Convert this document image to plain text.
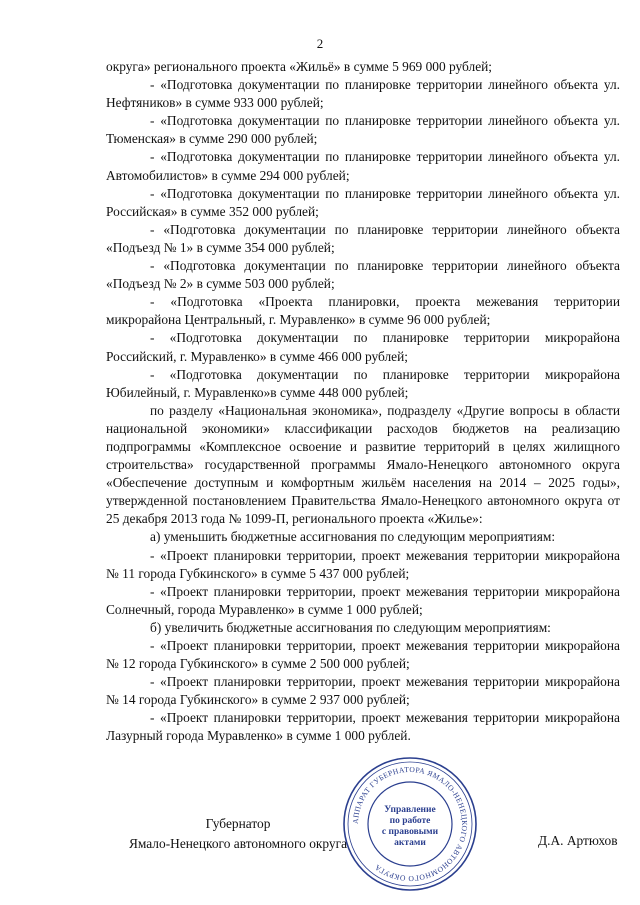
2

округа» регионального проекта «Жильё» в сумме 5 969 000 рублей;

- «Подготовка документации по планировке территории линейного объекта ул. Нефтяников» в сумме 933 000 рублей;

- «Подготовка документации по планировке территории линейного объекта ул. Тюменская» в сумме 290 000 рублей;

- «Подготовка документации по планировке территории линейного объекта ул. Автомобилистов» в сумме 294 000 рублей;

- «Подготовка документации по планировке территории линейного объекта ул. Российская» в сумме 352 000 рублей;

- «Подготовка документации по планировке территории линейного объекта «Подъезд № 1» в сумме 354 000 рублей;

- «Подготовка документации по планировке территории линейного объекта «Подъезд № 2» в сумме 503 000 рублей;

- «Подготовка «Проекта планировки, проекта межевания территории микрорайона Центральный, г. Муравленко» в сумме 96 000 рублей;

- «Подготовка документации по планировке территории микрорайона Российский, г. Муравленко» в сумме 466 000 рублей;

- «Подготовка документации по планировке территории микрорайона Юбилейный, г. Муравленко»в сумме 448 000 рублей;

по разделу «Национальная экономика», подразделу «Другие вопросы в области национальной экономики» классификации расходов бюджетов на реализацию подпрограммы «Комплексное освоение и развитие территорий в целях жилищного строительства» государственной программы Ямало-Ненецкого автономного округа «Обеспечение доступным и комфортным жильём населения на 2014 – 2025 годы», утвержденной постановлением Правительства Ямало-Ненецкого автономного округа от 25 декабря 2013 года № 1099-П, регионального проекта «Жилье»:

а) уменьшить бюджетные ассигнования по следующим мероприятиям:

- «Проект планировки территории, проект межевания территории микрорайона № 11 города Губкинского» в сумме 5 437 000 рублей;

- «Проект планировки территории, проект межевания территории микрорайона Солнечный, города Муравленко» в сумме 1 000 рублей;

б) увеличить бюджетные ассигнования по следующим мероприятиям:

- «Проект планировки территории, проект межевания территории микрорайона № 12 города Губкинского» в сумме 2 500 000 рублей;

- «Проект планировки территории, проект межевания территории микрорайона № 14 города Губкинского» в сумме 2 937 000 рублей;

- «Проект планировки территории, проект межевания территории микрорайона Лазурный города Муравленко» в сумме 1 000 рублей.

Губернатор
Ямало-Ненецкого автономного округа	Д.А. Артюхов
АППАРАТ ГУБЕРНАТОРА ЯМАЛО-НЕНЕЦКОГО АВТОНОМНОГО ОКРУГА
Управление
по работе
с правовыми
актами
